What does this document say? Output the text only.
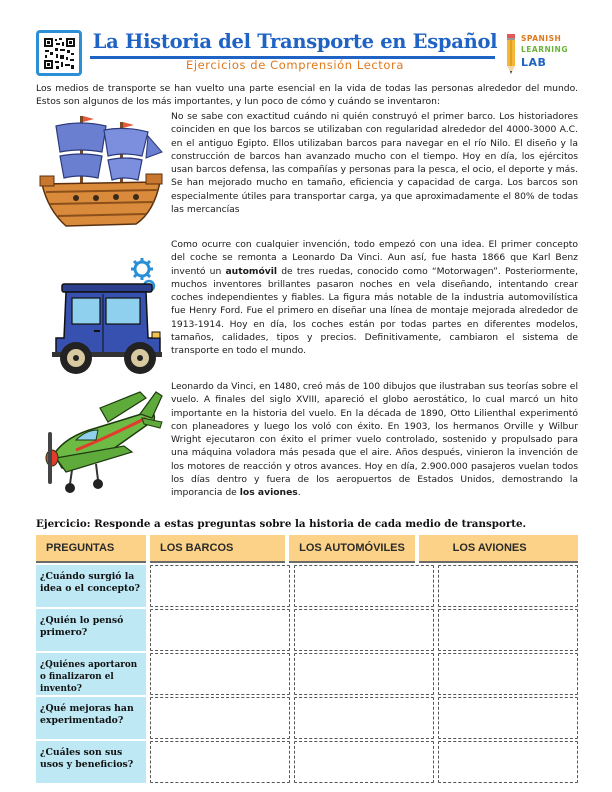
La Historia del Transporte en Español
Ejercicios de Comprensión Lectora
SPANISH
LEARNING
LAB
Los medios de transporte se han vuelto una parte esencial en la vida de todas las personas alrededor del mundo. Estos son algunos de los más importantes, y lun poco de cómo y cuándo se inventaron:
No se sabe con exactitud cuándo ni quién construyó el primer barco. Los historiadores coinciden en que los barcos se utilizaban con regularidad alrededor del 4000-3000 A.C. en el antiguo Egipto. Ellos utilizaban barcos para navegar en el río Nilo. El diseño y la construcción de barcos han avanzado mucho con el tiempo. Hoy en día, los ejércitos usan barcos defensa, las compañías y personas para la pesca, el ocio, el deporte y más. Se han mejorado mucho en tamaño, eficiencia y capacidad de carga. Los barcos son especialmente útiles para transportar carga, ya que aproximadamente el 80% de todas las mercancías
Como ocurre con cualquier invención, todo empezó con una idea. El primer concepto del coche se remonta a Leonardo Da Vinci. Aun así, fue hasta 1866 que Karl Benz inventó un automóvil de tres ruedas, conocido como “Motorwagen”. Posteriormente, muchos inventores brillantes pasaron noches en vela diseñando, intentando crear coches independientes y fiables. La figura más notable de la industria automovilística fue Henry Ford. Fue el primero en diseñar una línea de montaje mejorada alrededor de 1913-1914. Hoy en día, los coches están por todas partes en diferentes modelos, tamaños, calidades, tipos y precios. Definitivamente, cambiaron el sistema de transporte en todo el mundo.
Leonardo da Vinci, en 1480, creó más de 100 dibujos que ilustraban sus teorías sobre el vuelo. A finales del siglo XVIII, apareció el globo aerostático, lo cual marcó un hito importante en la historia del vuelo. En la década de 1890, Otto Lilienthal experimentó con planeadores y luego los voló con éxito. En 1903, los hermanos Orville y Wilbur Wright ejecutaron con éxito el primer vuelo controlado, sostenido y propulsado para una máquina voladora más pesada que el aire. Años después, vinieron la invención de los motores de reacción y otros avances. Hoy en día, 2.900.000 pasajeros vuelan todos los días dentro y fuera de los aeropuertos de Estados Unidos, demostrando la imporancia de los aviones.
Ejercicio: Responde a estas preguntas sobre la historia de cada medio de transporte.
PREGUNTAS	LOS BARCOS	LOS AUTOMÓVILES	LOS AVIONES
¿Cuándo surgió la idea o el concepto?
¿Quién lo pensó primero?
¿Quiénes aportaron o finalizaron el invento?
¿Qué mejoras han experimentado?
¿Cuáles son sus usos y beneficios?
